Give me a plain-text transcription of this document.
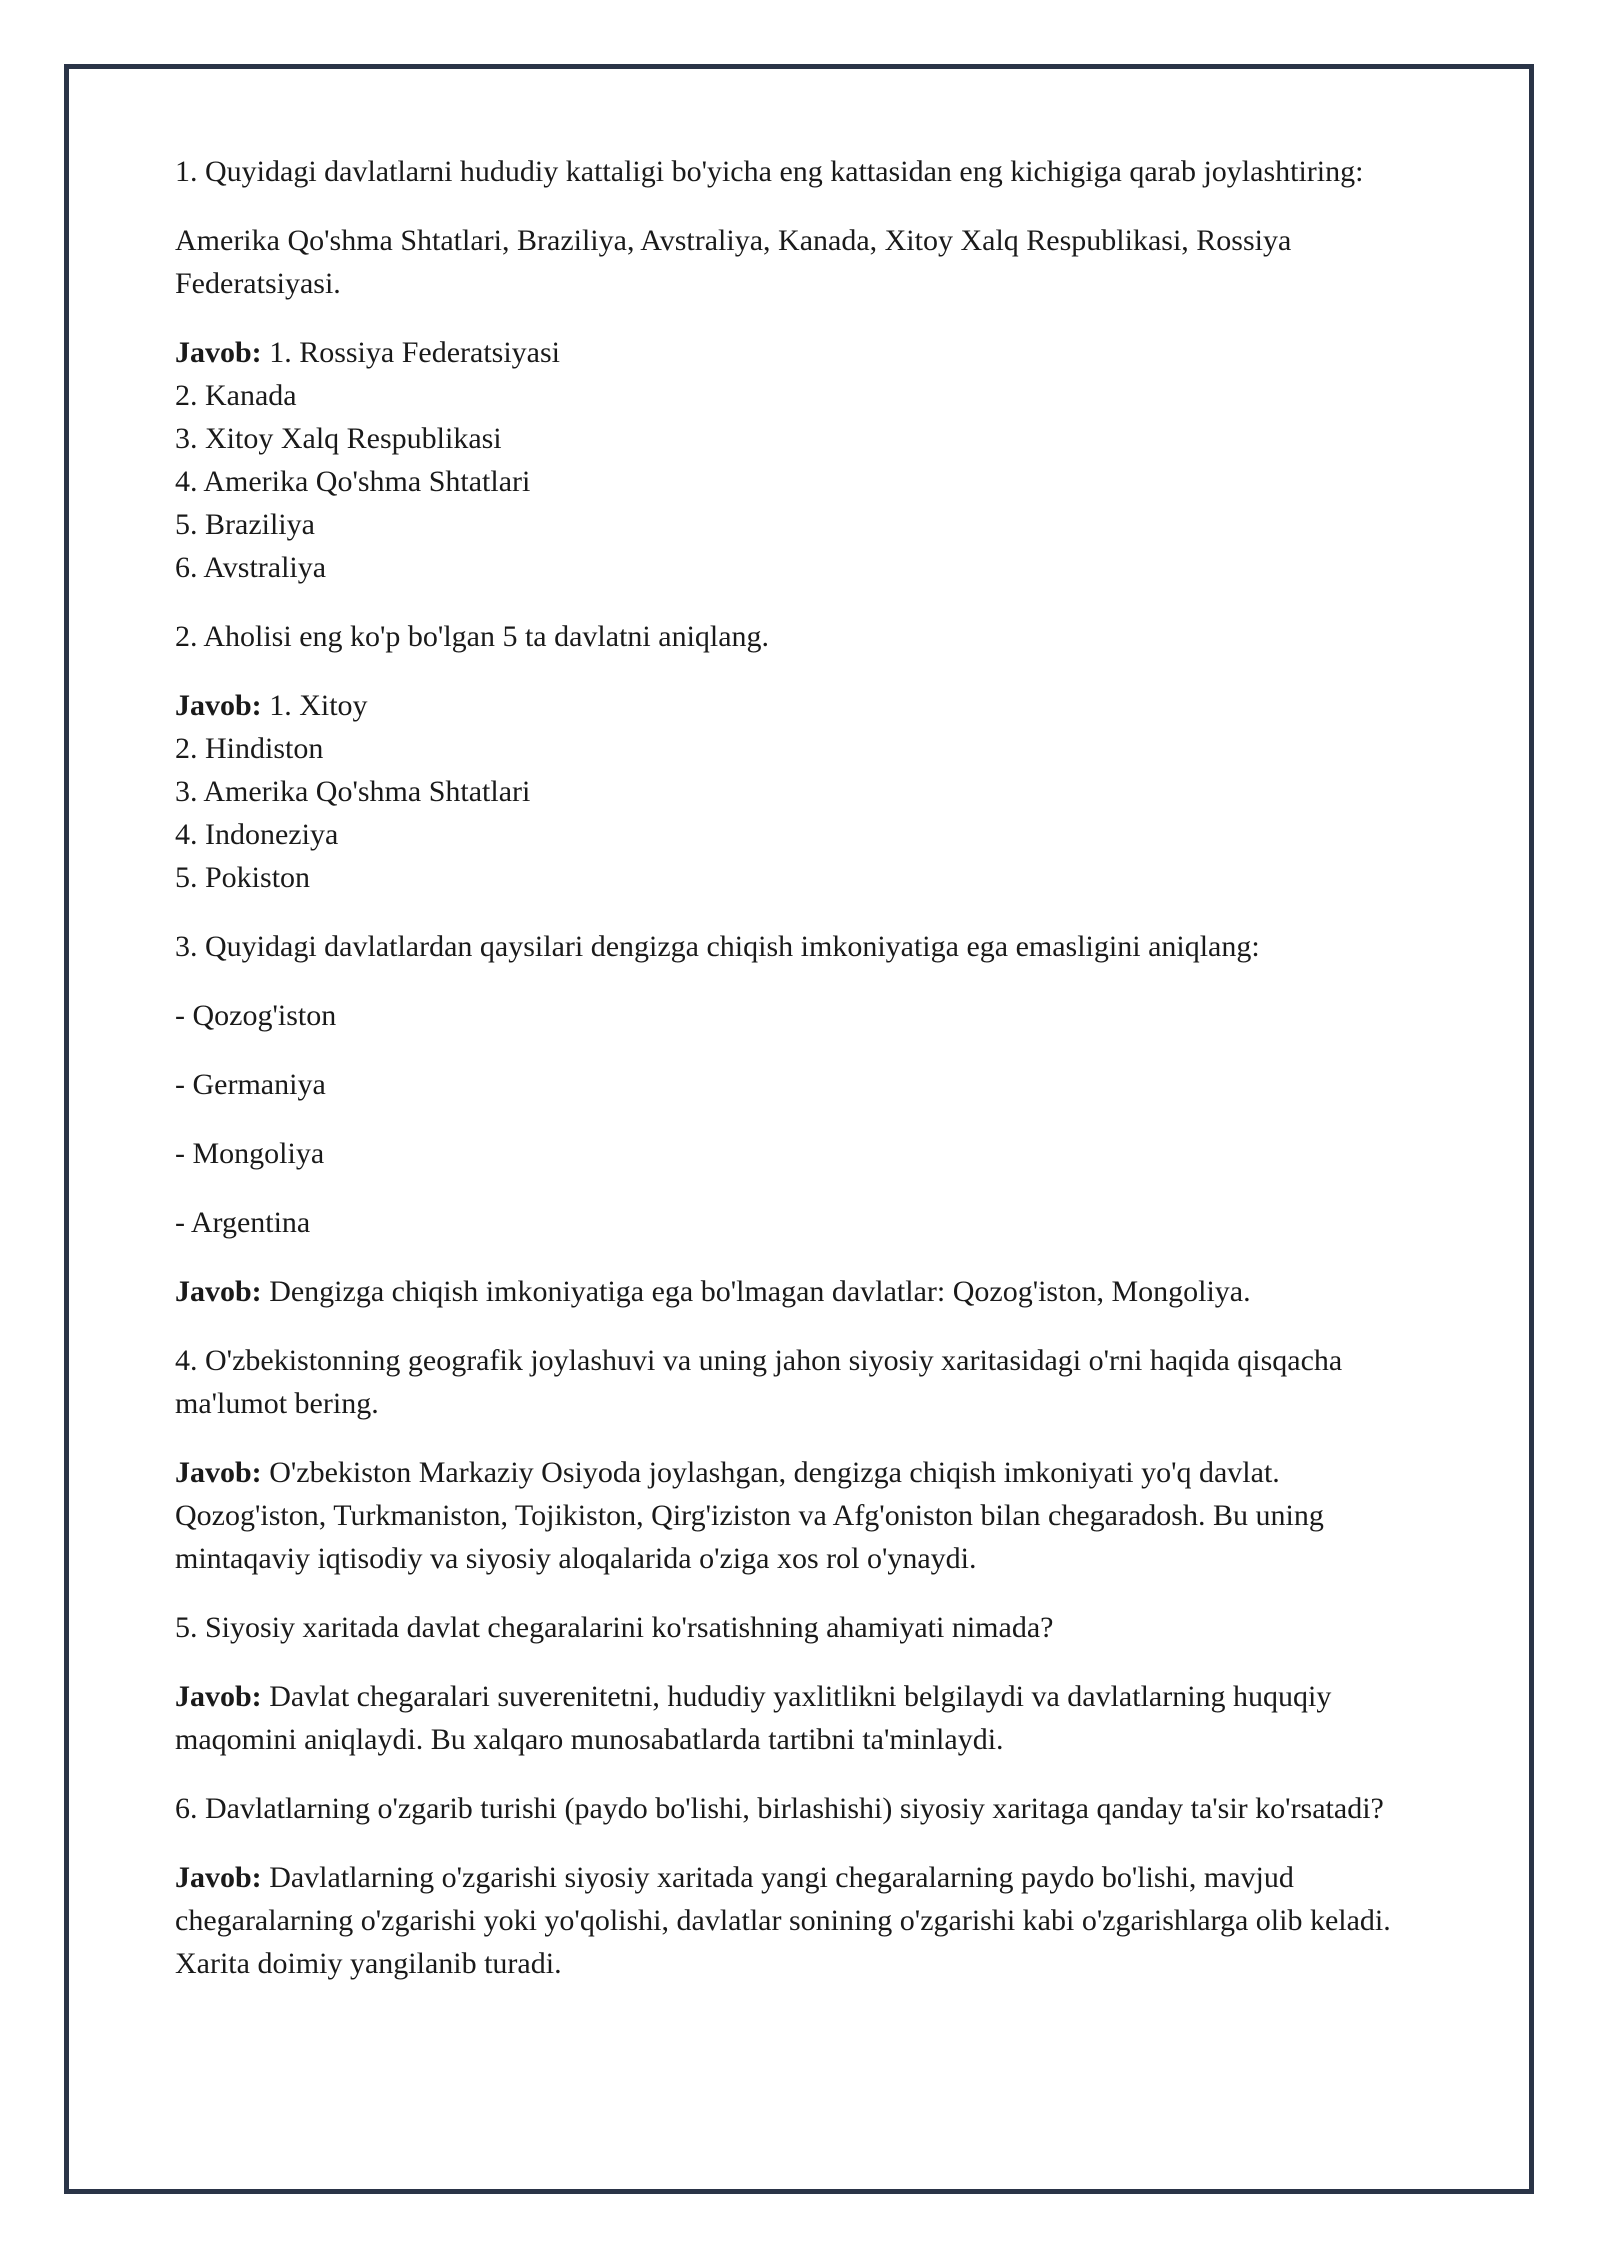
1. Quyidagi davlatlarni hududiy kattaligi bo'yicha eng kattasidan eng kichigiga qarab joylashtiring:

Amerika Qo'shma Shtatlari, Braziliya, Avstraliya, Kanada, Xitoy Xalq Respublikasi, Rossiya Federatsiyasi.

Javob: 1. Rossiya Federatsiyasi
2. Kanada
3. Xitoy Xalq Respublikasi
4. Amerika Qo'shma Shtatlari
5. Braziliya
6. Avstraliya

2. Aholisi eng ko'p bo'lgan 5 ta davlatni aniqlang.

Javob: 1. Xitoy
2. Hindiston
3. Amerika Qo'shma Shtatlari
4. Indoneziya
5. Pokiston

3. Quyidagi davlatlardan qaysilari dengizga chiqish imkoniyatiga ega emasligini aniqlang:

- Qozog'iston

- Germaniya

- Mongoliya

- Argentina

Javob: Dengizga chiqish imkoniyatiga ega bo'lmagan davlatlar: Qozog'iston, Mongoliya.

4. O'zbekistonning geografik joylashuvi va uning jahon siyosiy xaritasidagi o'rni haqida qisqacha ma'lumot bering.

Javob: O'zbekiston Markaziy Osiyoda joylashgan, dengizga chiqish imkoniyati yo'q davlat. Qozog'iston, Turkmaniston, Tojikiston, Qirg'iziston va Afg'oniston bilan chegaradosh. Bu uning mintaqaviy iqtisodiy va siyosiy aloqalarida o'ziga xos rol o'ynaydi.

5. Siyosiy xaritada davlat chegaralarini ko'rsatishning ahamiyati nimada?

Javob: Davlat chegaralari suverenitetni, hududiy yaxlitlikni belgilaydi va davlatlarning huquqiy maqomini aniqlaydi. Bu xalqaro munosabatlarda tartibni ta'minlaydi.

6. Davlatlarning o'zgarib turishi (paydo bo'lishi, birlashishi) siyosiy xaritaga qanday ta'sir ko'rsatadi?

Javob: Davlatlarning o'zgarishi siyosiy xaritada yangi chegaralarning paydo bo'lishi, mavjud chegaralarning o'zgarishi yoki yo'qolishi, davlatlar sonining o'zgarishi kabi o'zgarishlarga olib keladi. Xarita doimiy yangilanib turadi.
